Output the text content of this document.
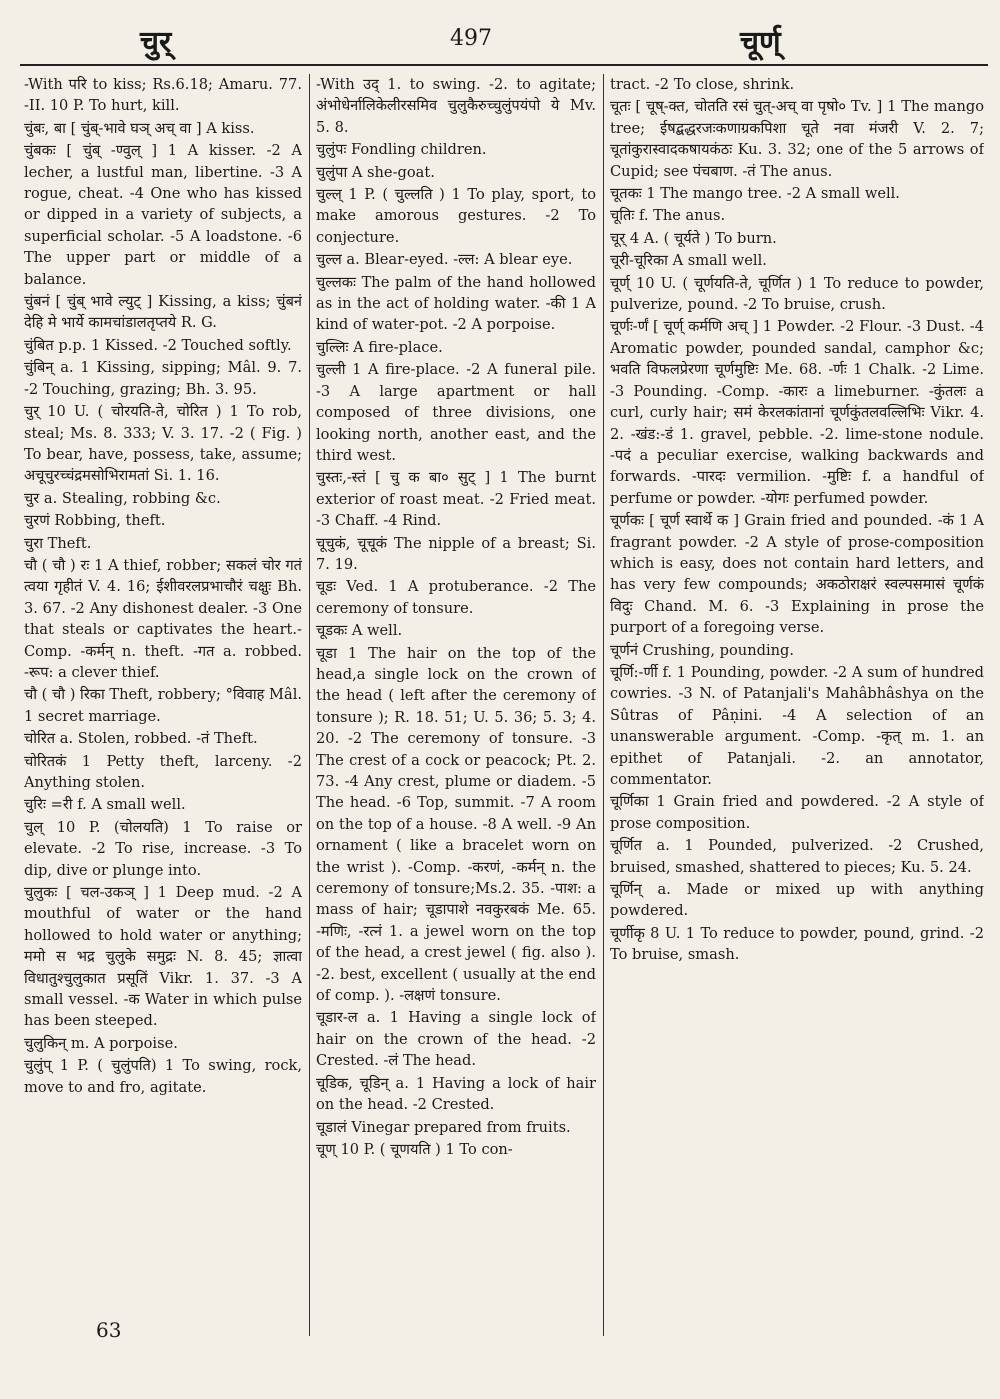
चुर्	497	चूर्ण्

-With परि to kiss; Rs.6.18; Amaru. 77. -II. 10 P. To hurt, kill.

चुंबः, बा [ चुंब्-भावे घञ् अच् वा ] A kiss.

चुंबकः [ चुंब् -ण्वुल् ] 1 A kisser. -2 A lecher, a lustful man, libertine. -3 A rogue, cheat. -4 One who has kissed or dipped in a variety of subjects, a superficial scholar. -5 A loadstone. -6 The upper part or middle of a balance.

चुंबनं [ चुंब् भावे ल्युट् ] Kissing, a kiss; चुंबनं देहि मे भार्ये कामचांडालतृप्तये R. G.

चुंबित p.p. 1 Kissed. -2 Touched softly.

चुंबिन् a. 1 Kissing, sipping; Mâl. 9. 7. -2 Touching, grazing; Bh. 3. 95.

चुर् 10 U. ( चोरयति-ते, चोरित ) 1 To rob, steal; Ms. 8. 333; V. 3. 17. -2 ( Fig. ) To bear, have, possess, take, assume; अचूचुरच्चंद्रमसोभिरामतां Si. 1. 16.

चुर a. Stealing, robbing &c.

चुरणं Robbing, theft.

चुरा Theft.

चौ ( चौ ) रः 1 A thief, robber; सकलं चोर गतं त्वया गृहीतं V. 4. 16; ईशीवरलप्रभाचौरं चक्षुः Bh. 3. 67. -2 Any dishonest dealer. -3 One that steals or captivates the heart.-Comp. -कर्मन् n. theft. -गत a. robbed. -रूप: a clever thief.

चौ ( चौ ) रिका Theft, robbery; °विवाह Mâl. 1 secret marriage.

चोरित a. Stolen, robbed. -तं Theft.

चोरितकं 1 Petty theft, larceny. -2 Anything stolen.

चुरिः =री f. A small well.

चुल् 10 P. (चोलयति) 1 To raise or elevate. -2 To rise, increase. -3 To dip, dive or plunge into.

चुलुकः [ चल-उकञ् ] 1 Deep mud. -2 A mouthful of water or the hand hollowed to hold water or anything; ममो स भद्र चुलुके समुद्रः N. 8. 45; ज्ञात्वा विधातुश्चुलुकात प्रसूतिं Vikr. 1. 37. -3 A small vessel. -क Water in which pulse has been steeped.

चुलुकिन् m. A porpoise.

चुलुंप् 1 P. ( चुलुंपति) 1 To swing, rock, move to and fro, agitate.

-With उद् 1. to swing. -2. to agitate; अंभोधेर्नालिकेलीरसमिव चुलुकैरुच्चुलुंपयंपो ये Mv. 5. 8.

चुलुंपः Fondling children.

चुलुंपा A she-goat.

चुल्ल् 1 P. ( चुल्लति ) 1 To play, sport, to make amorous gestures. -2 To conjecture.

चुल्ल a. Blear-eyed. -ल्ल: A blear eye.

चुल्लकः The palm of the hand hollowed as in the act of holding water. -की 1 A kind of water-pot. -2 A porpoise.

चुल्लिः A fire-place.

चुल्ली 1 A fire-place. -2 A funeral pile. -3 A large apartment or hall composed of three divisions, one looking north, another east, and the third west.

चुस्तः,-स्तं [ चु क बा० सुट् ] 1 The burnt exterior of roast meat. -2 Fried meat. -3 Chaff. -4 Rind.

चूचुकं, चूचूकं The nipple of a breast; Si. 7. 19.

चूडः Ved. 1 A protuberance. -2 The ceremony of tonsure.

चूडकः A well.

चूडा 1 The hair on the top of the head,a single lock on the crown of the head ( left after the ceremony of tonsure ); R. 18. 51; U. 5. 36; 5. 3; 4. 20. -2 The ceremony of tonsure. -3 The crest of a cock or peacock; Pt. 2. 73. -4 Any crest, plume or diadem. -5 The head. -6 Top, summit. -7 A room on the top of a house. -8 A well. -9 An ornament ( like a bracelet worn on the wrist ). -Comp. -करणं, -कर्मन् n. the ceremony of tonsure;Ms.2. 35. -पाश: a mass of hair; चूडापाशे नवकुरबकं Me. 65. -मणिः, -रत्नं 1. a jewel worn on the top of the head, a crest jewel ( fig. also ). -2. best, excellent ( usually at the end of comp. ). -लक्षणं tonsure.

चूडार-ल a. 1 Having a single lock of hair on the crown of the head. -2 Crested. -लं The head.

चूडिक, चूडिन् a. 1 Having a lock of hair on the head. -2 Crested.

चूडालं Vinegar prepared from fruits.

चूण् 10 P. ( चूणयति ) 1 To con-

tract. -2 To close, shrink.

चूतः [ चूष्-क्त, चोतति रसं चुत्-अच् वा पृषो० Tv. ] 1 The mango tree; ईषद्बद्धरजःकणाग्रकपिशा चूते नवा मंजरी V. 2. 7; चूतांकुरास्वादकषायकंठः Ku. 3. 32; one of the 5 arrows of Cupid; see पंचबाण. -तं The anus.

चूतकः 1 The mango tree. -2 A small well.

चूतिः f. The anus.

चूर् 4 A. ( चूर्यते ) To burn.

चूरी-चूरिका A small well.

चूर्ण् 10 U. ( चूर्णयति-ते, चूर्णित ) 1 To reduce to powder, pulverize, pound. -2 To bruise, crush.

चूर्णः-र्णं [ चूर्ण् कर्मणि अच् ] 1 Powder. -2 Flour. -3 Dust. -4 Aromatic powder, pounded sandal, camphor &c; भवति विफलप्रेरणा चूर्णमुष्टिः Me. 68. -र्णः 1 Chalk. -2 Lime. -3 Pounding. -Comp. -कारः a limeburner. -कुंतलः a curl, curly hair; समं केरलकांतानां चूर्णकुंतलवल्लिभिः Vikr. 4. 2. -खंड:-डं 1. gravel, pebble. -2. lime-stone nodule. -पदं a peculiar exercise, walking backwards and forwards. -पारदः vermilion. -मुष्टिः f. a handful of perfume or powder. -योगः perfumed powder.

चूर्णकः [ चूर्ण स्वार्थे क ] Grain fried and pounded. -कं 1 A fragrant powder. -2 A style of prose-composition which is easy, does not contain hard letters, and has very few compounds; अकठोराक्षरं स्वल्पसमासं चूर्णकं विदुः Chand. M. 6. -3 Explaining in prose the purport of a foregoing verse.

चूर्णनं Crushing, pounding.

चूर्णि:-र्णी f. 1 Pounding, powder. -2 A sum of hundred cowries. -3 N. of Patanjali's Mahâbhâshya on the Sûtras of Pâṇini. -4 A selection of an unanswerable argument. -Comp. -कृत् m. 1. an epithet of Patanjali. -2. an annotator, commentator.

चूर्णिका 1 Grain fried and powdered. -2 A style of prose composition.

चूर्णित a. 1 Pounded, pulverized. -2 Crushed, bruised, smashed, shattered to pieces; Ku. 5. 24.

चूर्णिन् a. Made or mixed up with anything powdered.

चूर्णीकृ 8 U. 1 To reduce to powder, pound, grind. -2 To bruise, smash.

63
